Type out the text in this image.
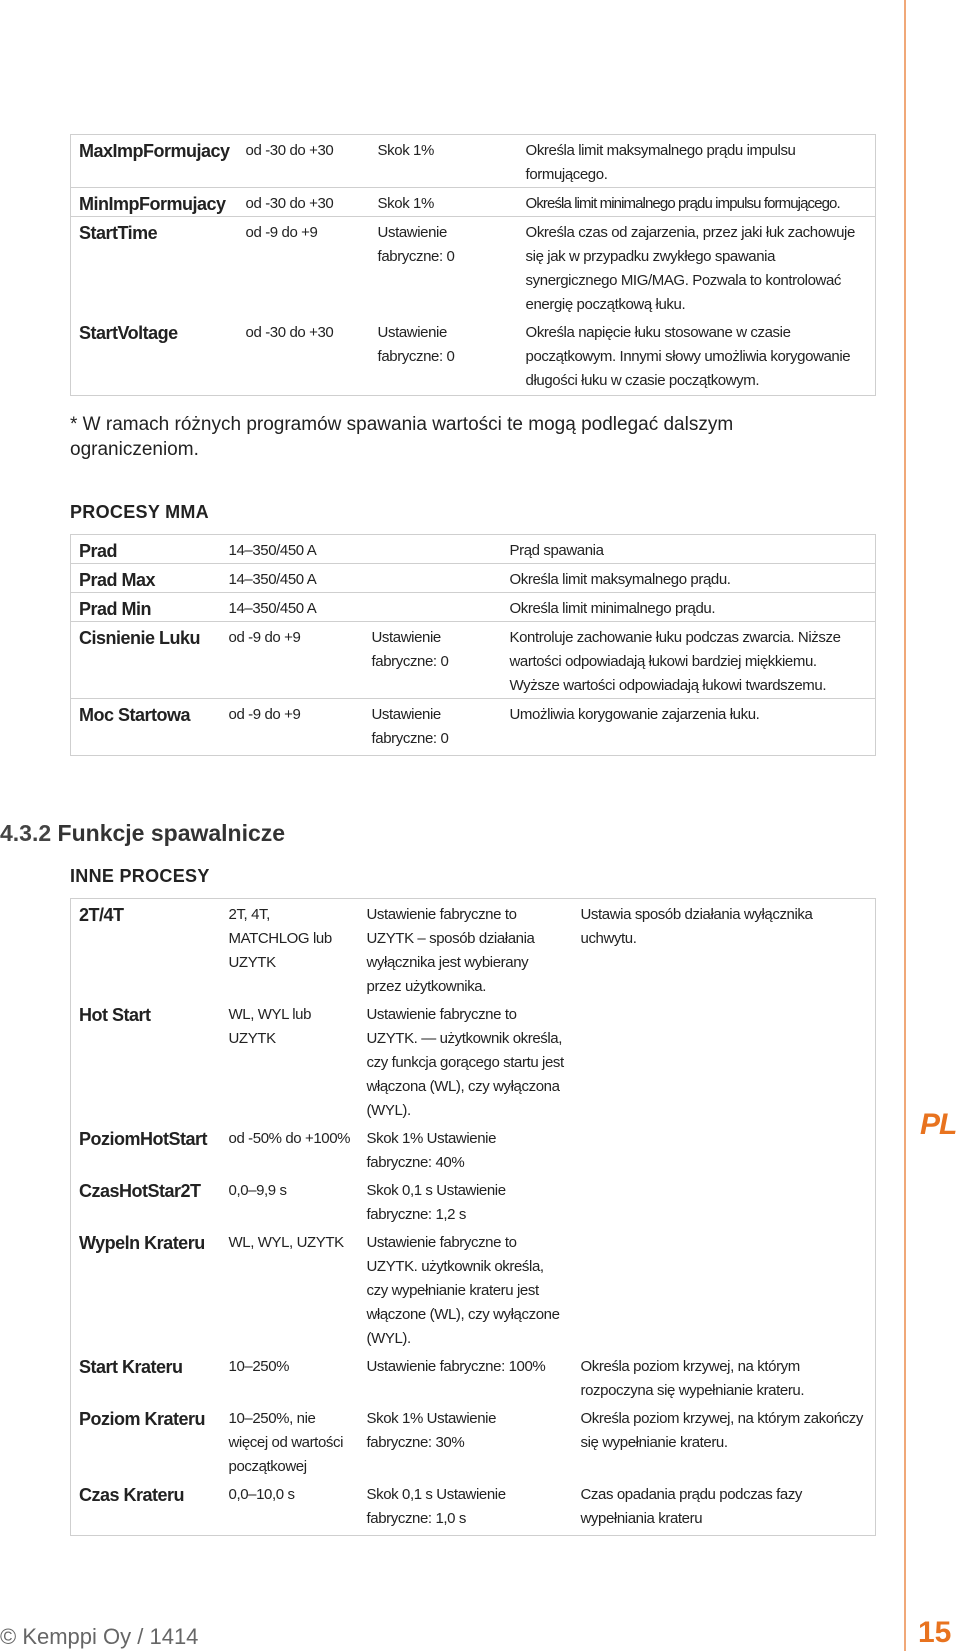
PL
MaxImpFormujacy	od -30 do +30	Skok 1%	Określa limit maksymalnego prądu impulsu formującego.
MinImpFormujacy	od -30 do +30	Skok 1%	Określa limit minimalnego prądu impulsu formującego.
StartTime	od -9 do +9	Ustawienie fabryczne: 0	Określa czas od zajarzenia, przez jaki łuk zachowuje się jak w przypadku zwykłego spawania synergicznego MIG/MAG. Pozwala to kontrolować energię początkową łuku.
StartVoltage	od -30 do +30	Ustawienie fabryczne: 0	Określa napięcie łuku stosowane w czasie początkowym. Innymi słowy umożliwia korygowanie długości łuku w czasie początkowym.
* W ramach różnych programów spawania wartości te mogą podlegać dalszym ograniczeniom.
PROCESY MMA
Prad	14–350/450 A		Prąd spawania
Prad Max	14–350/450 A		Określa limit maksymalnego prądu.
Prad Min	14–350/450 A		Określa limit minimalnego prądu.
Cisnienie Luku	od -9 do +9	Ustawienie fabryczne: 0	Kontroluje zachowanie łuku podczas zwarcia. Niższe wartości odpowiadają łukowi bardziej miękkiemu. Wyższe wartości odpowiadają łukowi twardszemu.
Moc Startowa	od -9 do +9	Ustawienie fabryczne: 0	Umożliwia korygowanie zajarzenia łuku.
4.3.2 Funkcje spawalnicze
INNE PROCESY
2T/4T	2T, 4T, MATCHLOG lub UZYTK	Ustawienie fabryczne to UZYTK – sposób działania wyłącznika jest wybierany przez użytkownika.	Ustawia sposób działania wyłącznika uchwytu.
Hot Start	WL, WYL lub UZYTK	Ustawienie fabryczne to UZYTK. — użytkownik określa, czy funkcja gorącego startu jest włączona (WL), czy wyłączona (WYL).	
PoziomHotStart	od -50% do +100%	Skok 1% Ustawienie fabryczne: 40%	
CzasHotStar2T	0,0–9,9 s	Skok 0,1 s Ustawienie fabryczne: 1,2 s	
Wypeln Krateru	WL, WYL, UZYTK	Ustawienie fabryczne to UZYTK. użytkownik określa, czy wypełnianie krateru jest włączone (WL), czy wyłączone (WYL).	
Start Krateru	10–250%	Ustawienie fabryczne: 100%	Określa poziom krzywej, na którym rozpoczyna się wypełnianie krateru.
Poziom Krateru	10–250%, nie więcej od wartości początkowej	Skok 1% Ustawienie fabryczne: 30%	Określa poziom krzywej, na którym zakończy się wypełnianie krateru.
Czas Krateru	0,0–10,0 s	Skok 0,1 s Ustawienie fabryczne: 1,0 s	Czas opadania prądu podczas fazy wypełniania krateru
© Kemppi Oy / 1414	15
